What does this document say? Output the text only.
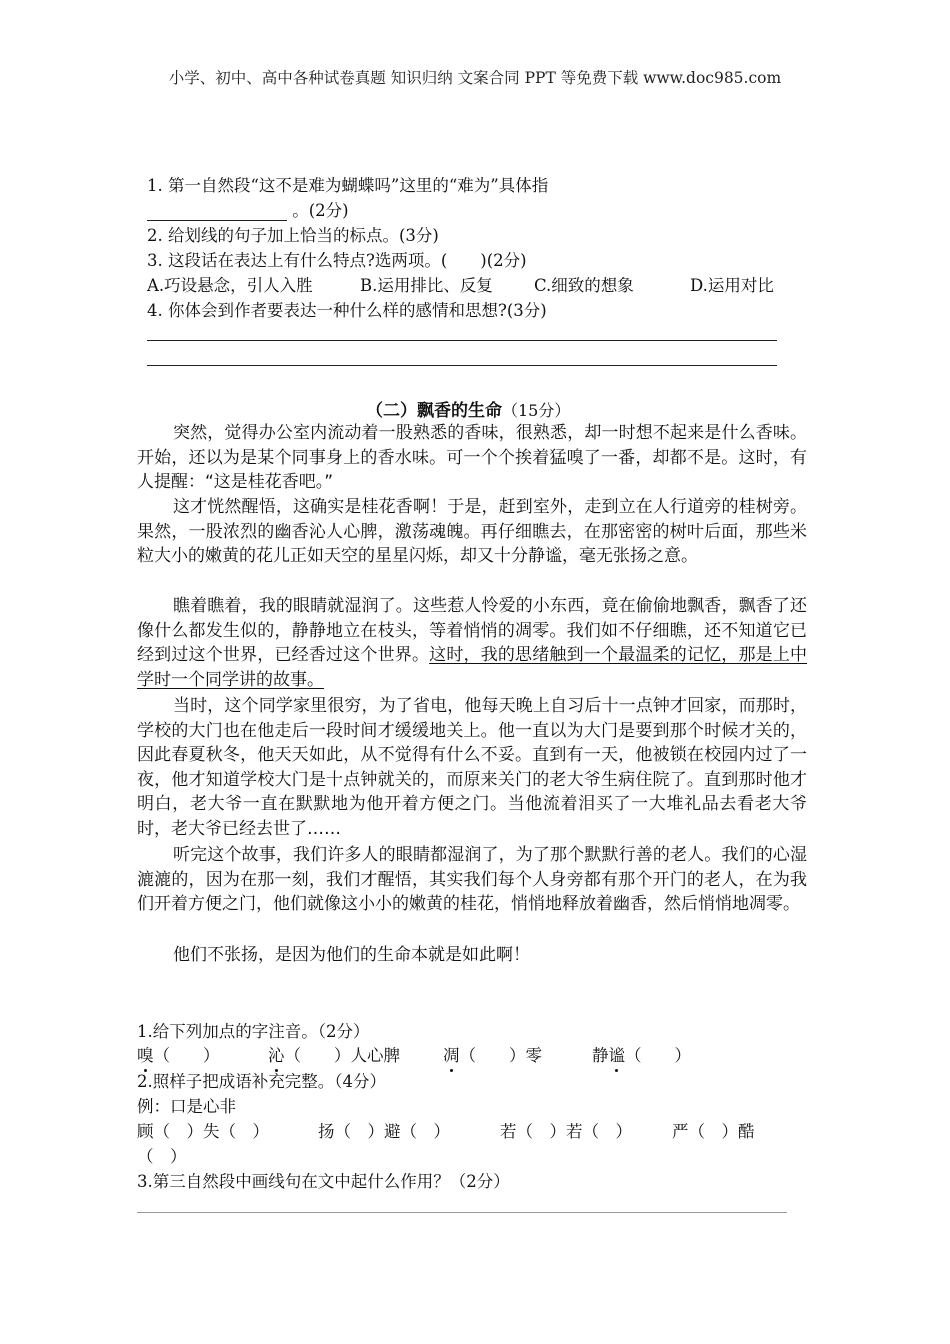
小学、初中、高中各种试卷真题 知识归纳 文案合同 PPT 等免费下载 www.doc985.com
1. 第一自然段“这不是难为蝴蝶吗”这里的“难为”具体指
。(2分)
2. 给划线的句子加上恰当的标点。(3分)
3. 这段话在表达上有什么特点?选两项。(　　)(2分)
A.巧设悬念，引人入胜	B.运用排比、反复 C.细致的想象	D.运用对比
4. 你体会到作者要表达一种什么样的感情和思想?(3分)
（二）飘香的生命（15分）

突然，觉得办公室内流动着一股熟悉的香味，很熟悉，却一时想不起来是什么香味。开始，还以为是某个同事身上的香水味。可一个个挨着猛嗅了一番，却都不是。这时，有人提醒：“这是桂花香吧。”

这才恍然醒悟，这确实是桂花香啊！于是，赶到室外，走到立在人行道旁的桂树旁。果然，一股浓烈的幽香沁人心脾，激荡魂魄。再仔细瞧去，在那密密的树叶后面，那些米粒大小的嫩黄的花儿正如天空的星星闪烁，却又十分静谧，毫无张扬之意。

瞧着瞧着，我的眼睛就湿润了。这些惹人怜爱的小东西，竟在偷偷地飘香，飘香了还像什么都发生似的，静静地立在枝头，等着悄悄的凋零。我们如不仔细瞧，还不知道它已经到过这个世界，已经香过这个世界。这时，我的思绪触到一个最温柔的记忆，那是上中学时一个同学讲的故事。

当时，这个同学家里很穷，为了省电，他每天晚上自习后十一点钟才回家，而那时，学校的大门也在他走后一段时间才缓缓地关上。他一直以为大门是要到那个时候才关的，因此春夏秋冬，他天天如此，从不觉得有什么不妥。直到有一天，他被锁在校园内过了一夜，他才知道学校大门是十点钟就关的，而原来关门的老大爷生病住院了。直到那时他才明白，老大爷一直在默默地为他开着方便之门。当他流着泪买了一大堆礼品去看老大爷时，老大爷已经去世了……

听完这个故事，我们许多人的眼睛都湿润了，为了那个默默行善的老人。我们的心湿漉漉的，因为在那一刻，我们才醒悟，其实我们每个人身旁都有那个开门的老人，在为我们开着方便之门，他们就像这小小的嫩黄的桂花，悄悄地释放着幽香，然后悄悄地凋零。

他们不张扬，是因为他们的生命本就是如此啊！

1.给下列加点的字注音。（2分）
嗅（　　）	沁（　　）人心脾	凋（　　）零	静谧（　　）
2.照样子把成语补充完整。（4分）
例：口是心非
顾（　）失（　）	扬（　）避（　）	若（　）若（　） 严（　）酷
（　）
3.第三自然段中画线句在文中起什么作用？（2分）
